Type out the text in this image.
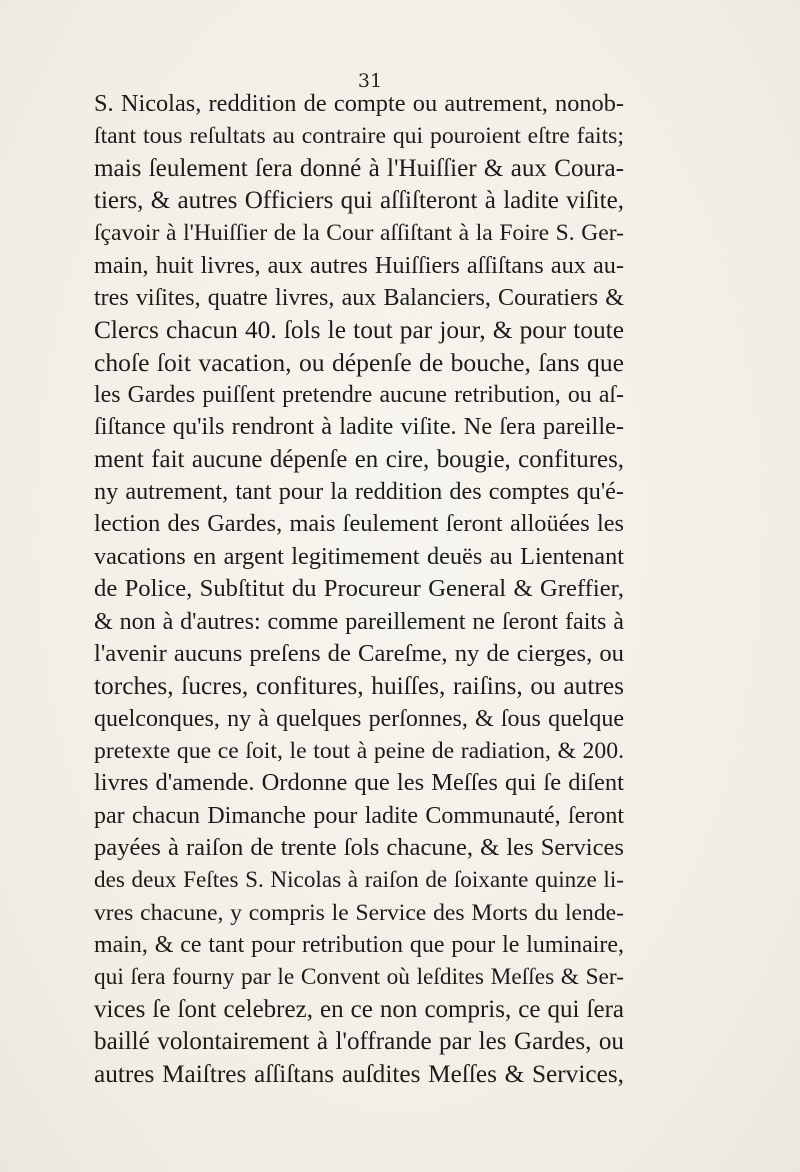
31
S. Nicolas, reddition de compte ou autrement, nonob-
ſtant tous reſultats au contraire qui pouroient eſtre faits;
mais ſeulement ſera donné à l'Huiſſier & aux Coura-
tiers, & autres Officiers qui aſſiſteront à ladite viſite,
ſçavoir à l'Huiſſier de la Cour aſſiſtant à la Foire S. Ger-
main, huit livres, aux autres Huiſſiers aſſiſtans aux au-
tres viſites, quatre livres, aux Balanciers, Couratiers &
Clercs chacun 40. ſols le tout par jour, & pour toute
choſe ſoit vacation, ou dépenſe de bouche, ſans que
les Gardes puiſſent pretendre aucune retribution, ou aſ-
ſiſtance qu'ils rendront à ladite viſite. Ne ſera pareille-
ment fait aucune dépenſe en cire, bougie, confitures,
ny autrement, tant pour la reddition des comptes qu'é-
lection des Gardes, mais ſeulement ſeront alloüées les
vacations en argent legitimement deuës au Lientenant
de Police, Subſtitut du Procureur General & Greffier,
& non à d'autres: comme pareillement ne ſeront faits à
l'avenir aucuns preſens de Careſme, ny de cierges, ou
torches, ſucres, confitures, huiſſes, raiſins, ou autres
quelconques, ny à quelques perſonnes, & ſous quelque
pretexte que ce ſoit, le tout à peine de radiation, & 200.
livres d'amende. Ordonne que les Meſſes qui ſe diſent
par chacun Dimanche pour ladite Communauté, ſeront
payées à raiſon de trente ſols chacune, & les Services
des deux Feſtes S. Nicolas à raiſon de ſoixante quinze li-
vres chacune, y compris le Service des Morts du lende-
main, & ce tant pour retribution que pour le luminaire,
qui ſera fourny par le Convent où leſdites Meſſes & Ser-
vices ſe ſont celebrez, en ce non compris, ce qui ſera
baillé volontairement à l'offrande par les Gardes, ou
autres Maiſtres aſſiſtans auſdites Meſſes & Services,
